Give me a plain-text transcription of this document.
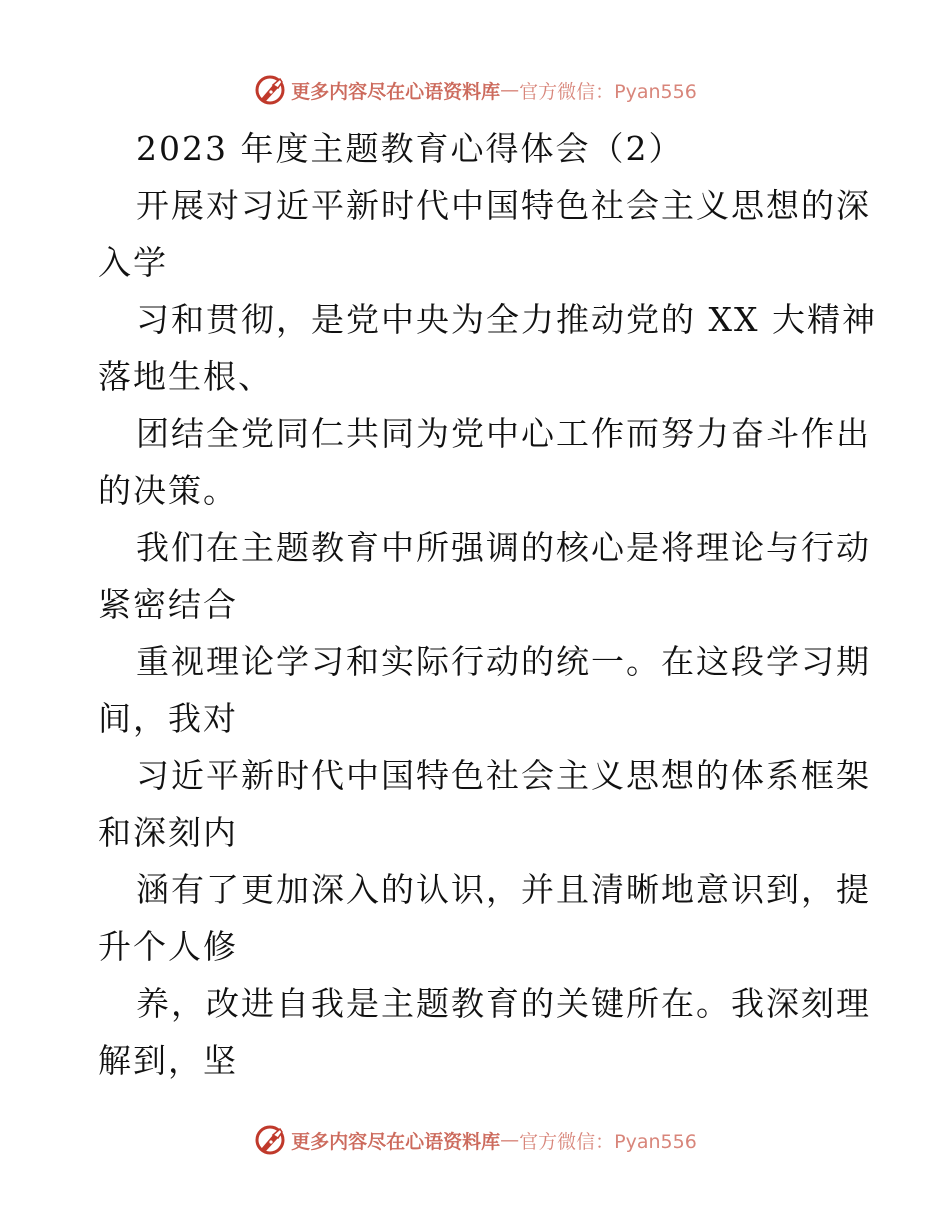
更多内容尽在心语资料库 — 官方微信：Pyan556
2023 年度主题教育心得体会（2）
开展对习近平新时代中国特色社会主义思想的深
入学
习和贯彻，是党中央为全力推动党的 XX 大精神
落地生根、
团结全党同仁共同为党中心工作而努力奋斗作出
的决策。
我们在主题教育中所强调的核心是将理论与行动
紧密结合
重视理论学习和实际行动的统一。在这段学习期
间，我对
习近平新时代中国特色社会主义思想的体系框架
和深刻内
涵有了更加深入的认识，并且清晰地意识到，提
升个人修
养，改进自我是主题教育的关键所在。我深刻理
解到，坚
更多内容尽在心语资料库 — 官方微信：Pyan556
